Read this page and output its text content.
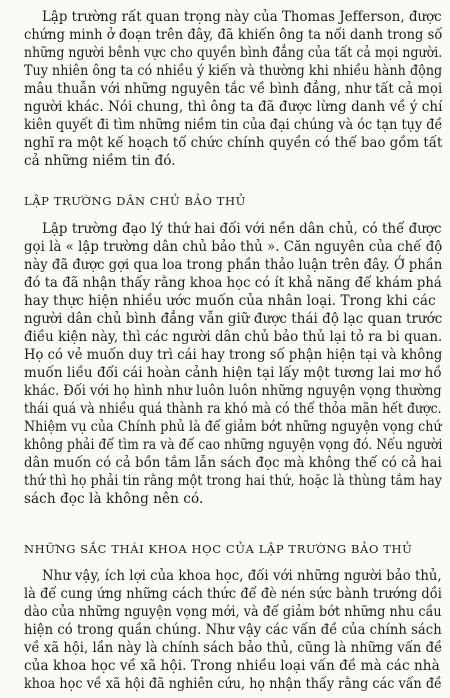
Lập trường rất quan trọng này của Thomas Jefferson, được
chứng minh ở đoạn trên đây, đã khiến ông ta nổi danh trong số
những người bênh vực cho quyền bình đẳng của tất cả mọi người.
Tuy nhiên ông ta có nhiều ý kiến và thường khi nhiều hành động
mâu thuẫn với những nguyên tắc về bình đẳng, như tất cả mọi
người khác. Nói chung, thì ông ta đã được lừng danh về ý chí
kiên quyết đi tìm những niềm tin của đại chúng và óc tạn tụy đề
nghĩ ra một kế hoạch tổ chức chính quyền có thể bao gồm tất
cả những niềm tin đó.
LẬP TRƯỜNG DÂN CHỦ BẢO THỦ
Lập trường đạo lý thứ hai đối với nền dân chủ, có thể được
gọi là « lập trường dân chủ bảo thủ ». Căn nguyên của chế độ
này đã được gợi qua loa trong phần thảo luận trên đây. Ở phần
đó ta đã nhận thấy rằng khoa học có ít khả năng để khám phá
hay thực hiện nhiều ước muốn của nhân loại. Trong khi các
người dân chủ bình đẳng vẫn giữ được thái độ lạc quan trước
điều kiện này, thì các người dân chủ bảo thủ lại tỏ ra bi quan.
Họ có vẻ muốn duy trì cái hay trong số phận hiện tại và không
muốn liều đổi cái hoàn cảnh hiện tại lấy một tương lai mơ hồ
khác. Đối với họ hình như luôn luôn những nguyện vọng thường
thái quá và nhiều quá thành ra khó mà có thể thỏa mãn hết được.
Nhiệm vụ của Chính phủ là để giảm bớt những nguyện vọng chứ
không phải để tìm ra và để cao những nguyện vọng đó. Nếu người
dân muốn có cả bồn tắm lẫn sách đọc mà không thể có cả hai
thứ thì họ phải tin rằng một trong hai thứ, hoặc là thùng tắm hay
sách đọc là không nên có.
NHỮNG SẮC THÁI KHOA HỌC CỦA LẬP TRƯỜNG BẢO THỦ
Như vậy, ích lợi của khoa học, đối với những người bảo thủ,
là để cung ứng những cách thức để đè nén sức bành trướng dồi
dào của những nguyện vọng mới, và để giảm bớt những nhu cầu
hiện có trong quần chúng. Như vậy các vấn đề của chính sách
về xã hội, lần này là chính sách bảo thủ, cũng là những vấn đề
của khoa học về xã hội. Trong nhiều loại vấn đề mà các nhà
khoa học về xã hội đã nghiên cứu, họ nhận thấy rằng các vấn đề
